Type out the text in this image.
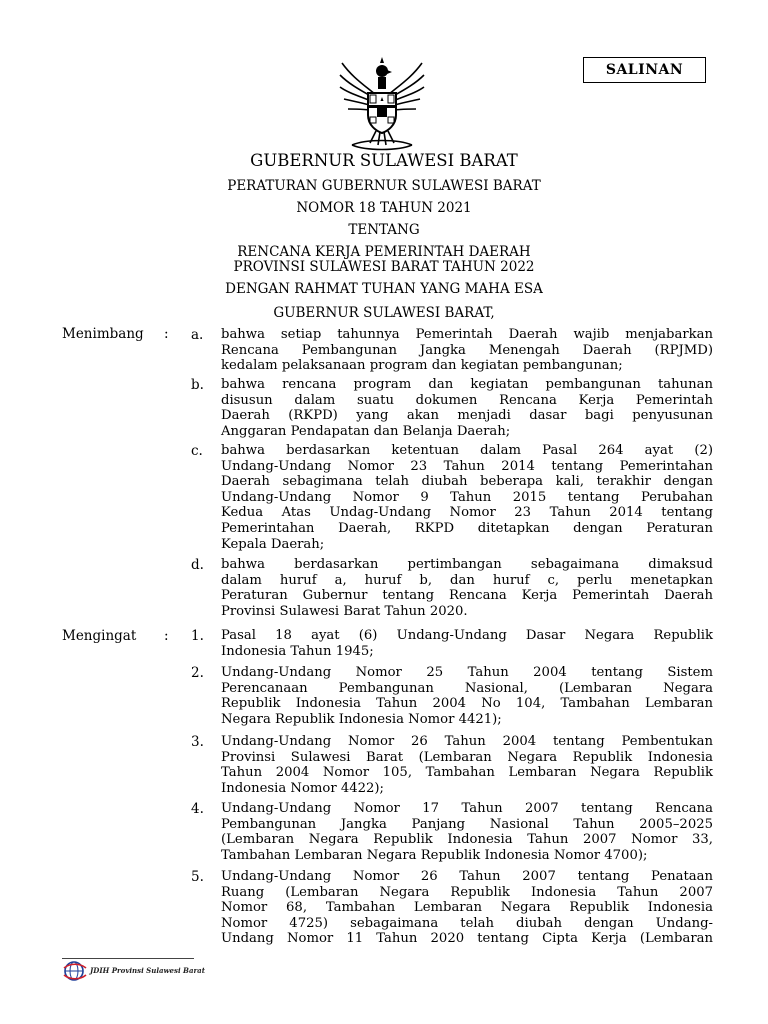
SALINAN
GUBERNUR SULAWESI BARAT
PERATURAN GUBERNUR SULAWESI BARAT
NOMOR 18 TAHUN 2021
TENTANG
RENCANA KERJA PEMERINTAH DAERAH
PROVINSI SULAWESI BARAT TAHUN 2022
DENGAN RAHMAT TUHAN YANG MAHA ESA
GUBERNUR SULAWESI BARAT,
Menimbang : a. bahwa setiap tahunnya Pemerintah Daerah wajib menjabarkan
Rencana Pembangunan Jangka Menengah Daerah (RPJMD)
kedalam pelaksanaan program dan kegiatan pembangunan;
b. bahwa rencana program dan kegiatan pembangunan tahunan
disusun dalam suatu dokumen Rencana Kerja Pemerintah
Daerah (RKPD) yang akan menjadi dasar bagi penyusunan
Anggaran Pendapatan dan Belanja Daerah;
c. bahwa berdasarkan ketentuan dalam Pasal 264 ayat (2)
Undang-Undang Nomor 23 Tahun 2014 tentang Pemerintahan
Daerah sebagimana telah diubah beberapa kali, terakhir dengan
Undang-Undang Nomor 9 Tahun 2015 tentang Perubahan
Kedua Atas Undag-Undang Nomor 23 Tahun 2014 tentang
Pemerintahan Daerah, RKPD ditetapkan dengan Peraturan
Kepala Daerah;
d. bahwa berdasarkan pertimbangan sebagaimana dimaksud
dalam huruf a, huruf b, dan huruf c, perlu menetapkan
Peraturan Gubernur tentang Rencana Kerja Pemerintah Daerah
Provinsi Sulawesi Barat Tahun 2020.
Mengingat : 1. Pasal 18 ayat (6) Undang-Undang Dasar Negara Republik
Indonesia Tahun 1945;
2. Undang-Undang Nomor 25 Tahun 2004 tentang Sistem
Perencanaan Pembangunan Nasional, (Lembaran Negara
Republik Indonesia Tahun 2004 No 104, Tambahan Lembaran
Negara Republik Indonesia Nomor 4421);
3. Undang-Undang Nomor 26 Tahun 2004 tentang Pembentukan
Provinsi Sulawesi Barat (Lembaran Negara Republik Indonesia
Tahun 2004 Nomor 105, Tambahan Lembaran Negara Republik
Indonesia Nomor 4422);
4. Undang-Undang Nomor 17 Tahun 2007 tentang Rencana
Pembangunan Jangka Panjang Nasional Tahun 2005–2025
(Lembaran Negara Republik Indonesia Tahun 2007 Nomor 33,
Tambahan Lembaran Negara Republik Indonesia Nomor 4700);
5. Undang-Undang Nomor 26 Tahun 2007 tentang Penataan
Ruang (Lembaran Negara Republik Indonesia Tahun 2007
Nomor 68, Tambahan Lembaran Negara Republik Indonesia
Nomor 4725) sebagaimana telah diubah dengan Undang-
Undang Nomor 11 Tahun 2020 tentang Cipta Kerja (Lembaran
JDIH Provinsi Sulawesi Barat
